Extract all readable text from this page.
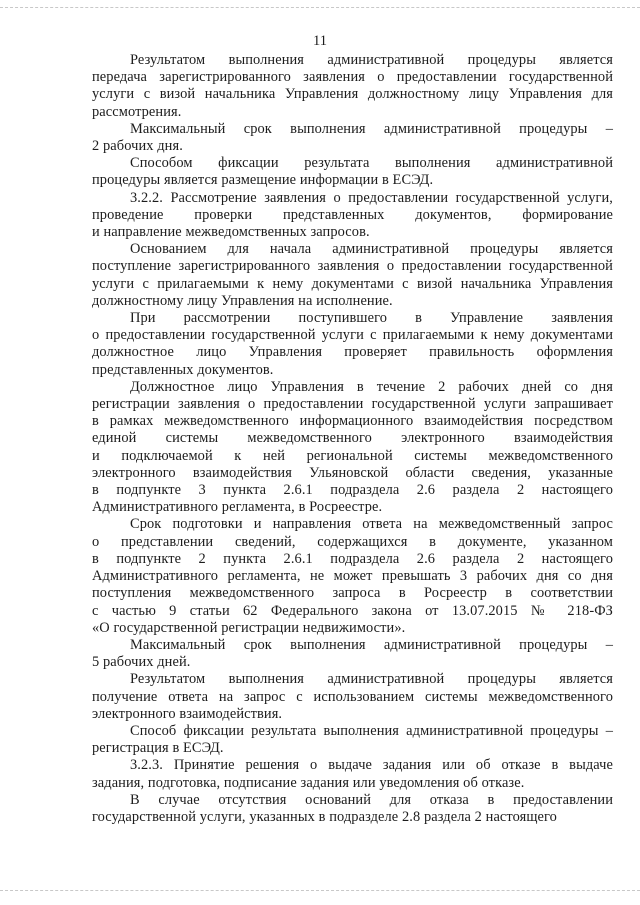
11
Результатом выполнения административной процедуры является
передача зарегистрированного заявления о предоставлении государственной
услуги с визой начальника Управления должностному лицу Управления для
рассмотрения.
Максимальный срок выполнения административной процедуры –
2 рабочих дня.
Способом фиксации результата выполнения административной
процедуры является размещение информации в ЕСЭД.
3.2.2. Рассмотрение заявления о предоставлении государственной услуги,
проведение проверки представленных документов, формирование
и направление межведомственных запросов.
Основанием для начала административной процедуры является
поступление зарегистрированного заявления о предоставлении государственной
услуги с прилагаемыми к нему документами с визой начальника Управления
должностному лицу Управления на исполнение.
При рассмотрении поступившего в Управление заявления
о предоставлении государственной услуги с прилагаемыми к нему документами
должностное лицо Управления проверяет правильность оформления
представленных документов.
Должностное лицо Управления в течение 2 рабочих дней со дня
регистрации заявления о предоставлении государственной услуги запрашивает
в рамках межведомственного информационного взаимодействия посредством
единой системы межведомственного электронного взаимодействия
и подключаемой к ней региональной системы межведомственного
электронного взаимодействия Ульяновской области сведения, указанные
в подпункте 3 пункта 2.6.1 подраздела 2.6 раздела 2 настоящего
Административного регламента, в Росреестре.
Срок подготовки и направления ответа на межведомственный запрос
о представлении сведений, содержащихся в документе, указанном
в подпункте 2 пункта 2.6.1 подраздела 2.6 раздела 2 настоящего
Административного регламента, не может превышать 3 рабочих дня со дня
поступления межведомственного запроса в Росреестр в соответствии
с частью 9 статьи 62 Федерального закона от 13.07.2015 № 218-ФЗ
«О государственной регистрации недвижимости».
Максимальный срок выполнения административной процедуры –
5 рабочих дней.
Результатом выполнения административной процедуры является
получение ответа на запрос с использованием системы межведомственного
электронного взаимодействия.
Способ фиксации результата выполнения административной процедуры –
регистрация в ЕСЭД.
3.2.3. Принятие решения о выдаче задания или об отказе в выдаче
задания, подготовка, подписание задания или уведомления об отказе.
В случае отсутствия оснований для отказа в предоставлении
государственной услуги, указанных в подразделе 2.8 раздела 2 настоящего
